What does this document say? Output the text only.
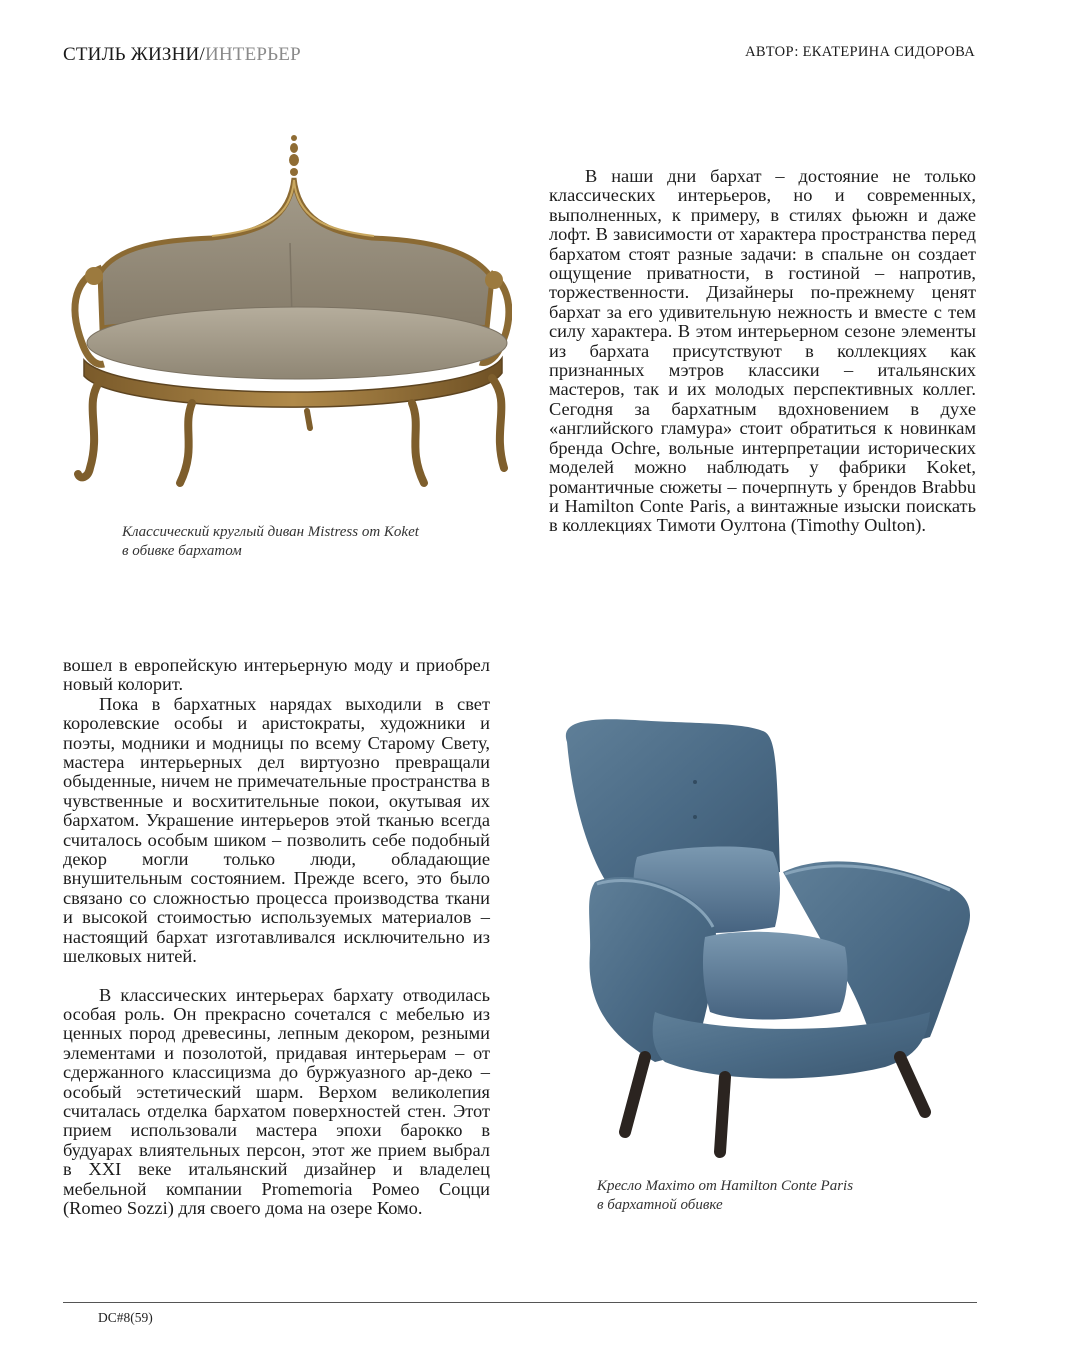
СТИЛЬ ЖИЗНИ/ИНТЕРЬЕР	АВТОР: ЕКАТЕРИНА СИДОРОВА
Классический круглый диван Mistress от Koket
в обивке бархатом

В наши дни бархат – достояние не только классических интерьеров, но и современных, выполненных, к примеру, в стилях фьюжн и даже лофт. В зависимости от характера пространства перед бархатом стоят разные задачи: в спальне он создает ощущение приватности, в гостиной – напротив, торжественности. Дизайнеры по-прежнему ценят бархат за его удивительную нежность и вместе с тем силу характера. В этом интерьерном сезоне элементы из бархата присутствуют в коллекциях как признанных мэтров классики – итальянских мастеров, так и их молодых перспективных коллег. Сегодня за бархатным вдохновением в духе «английского гламура» стоит обратиться к новинкам бренда Ochre, вольные интерпретации исторических моделей можно наблюдать у фабрики Koket, романтичные сюжеты – почерпнуть у брендов Brabbu и Hamilton Conte Paris, а винтажные изыски поискать в коллекциях Тимоти Оултона (Timothy Oulton).

вошел в европейскую интерьерную моду и приобрел новый колорит.

Пока в бархатных нарядах выходили в свет королевские особы и аристократы, художники и поэты, модники и модницы по всему Старому Свету, мастера интерьерных дел виртуозно превращали обыденные, ничем не примечательные пространства в чувственные и восхитительные покои, окутывая их бархатом. Украшение интерьеров этой тканью всегда считалось особым шиком – позволить себе подобный декор могли только люди, обладающие внушительным состоянием. Прежде всего, это было связано со сложностью процесса производства ткани и высокой стоимостью используемых материалов – настоящий бархат изготавливался исключительно из шелковых нитей.

В классических интерьерах бархату отводилась особая роль. Он прекрасно сочетался с мебелью из ценных пород древесины, лепным декором, резными элементами и позолотой, придавая интерьерам – от сдержанного классицизма до буржуазного ар-деко – особый эстетический шарм. Верхом великолепия считалась отделка бархатом поверхностей стен. Этот прием использовали мастера эпохи барокко в будуарах влиятельных персон, этот же прием выбрал в XXI веке итальянский дизайнер и владелец мебельной компании Promemoria Ромео Соцци (Romeo Sozzi) для своего дома на озере Комо.

Кресло Maximo от Hamilton Conte Paris
в бархатной обивке
DC#8(59)
